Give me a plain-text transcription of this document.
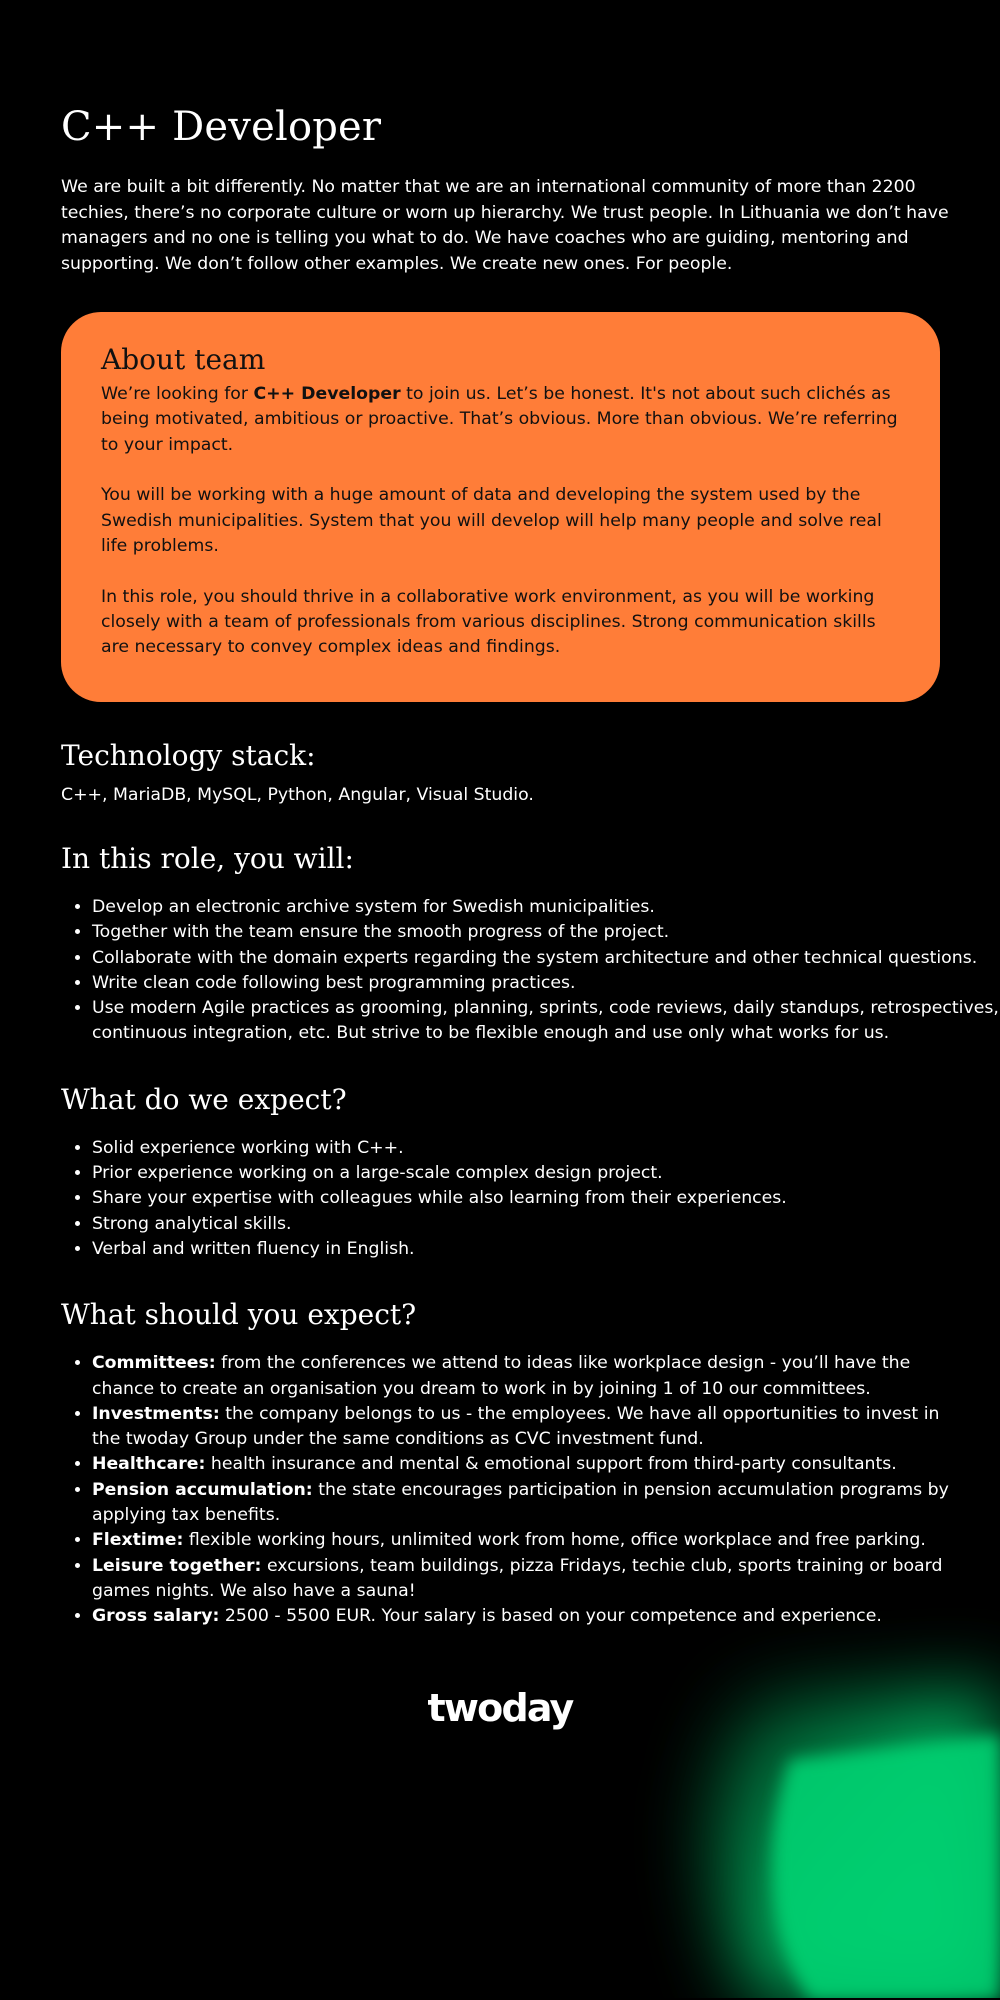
C++ Developer

We are built a bit differently. No matter that we are an international community of more than 2200 techies, there’s no corporate culture or worn up hierarchy. We trust people. In Lithuania we don’t have managers and no one is telling you what to do. We have coaches who are guiding, mentoring and supporting. We don’t follow other examples. We create new ones. For people.

About team

We’re looking for C++ Developer to join us. Let’s be honest. It's not about such clichés as being motivated, ambitious or proactive. That’s obvious. More than obvious. We’re referring to your impact.

You will be working with a huge amount of data and developing the system used by the Swedish municipalities. System that you will develop will help many people and solve real life problems.

In this role, you should thrive in a collaborative work environment, as you will be working closely with a team of professionals from various disciplines. Strong communication skills are necessary to convey complex ideas and findings.

Technology stack:

C++, MariaDB, MySQL, Python, Angular, Visual Studio.

In this role, you will:
• Develop an electronic archive system for Swedish municipalities.
• Together with the team ensure the smooth progress of the project.
• Collaborate with the domain experts regarding the system architecture and other technical questions.
• Write clean code following best programming practices.
• Use modern Agile practices as grooming, planning, sprints, code reviews, daily standups, retrospectives, continuous integration, etc. But strive to be flexible enough and use only what works for us.
What do we expect?
• Solid experience working with C++.
• Prior experience working on a large-scale complex design project.
• Share your expertise with colleagues while also learning from their experiences.
• Strong analytical skills.
• Verbal and written fluency in English.
What should you expect?
• Committees: from the conferences we attend to ideas like workplace design - you’ll have the chance to create an organisation you dream to work in by joining 1 of 10 our committees.
• Investments: the company belongs to us - the employees. We have all opportunities to invest in the twoday Group under the same conditions as CVC investment fund.
• Healthcare: health insurance and mental & emotional support from third-party consultants.
• Pension accumulation: the state encourages participation in pension accumulation programs by applying tax benefits.
• Flextime: flexible working hours, unlimited work from home, office workplace and free parking.
• Leisure together: excursions, team buildings, pizza Fridays, techie club, sports training or board games nights. We also have a sauna!
• Gross salary: 2500 - 5500 EUR. Your salary is based on your competence and experience.
twoday
